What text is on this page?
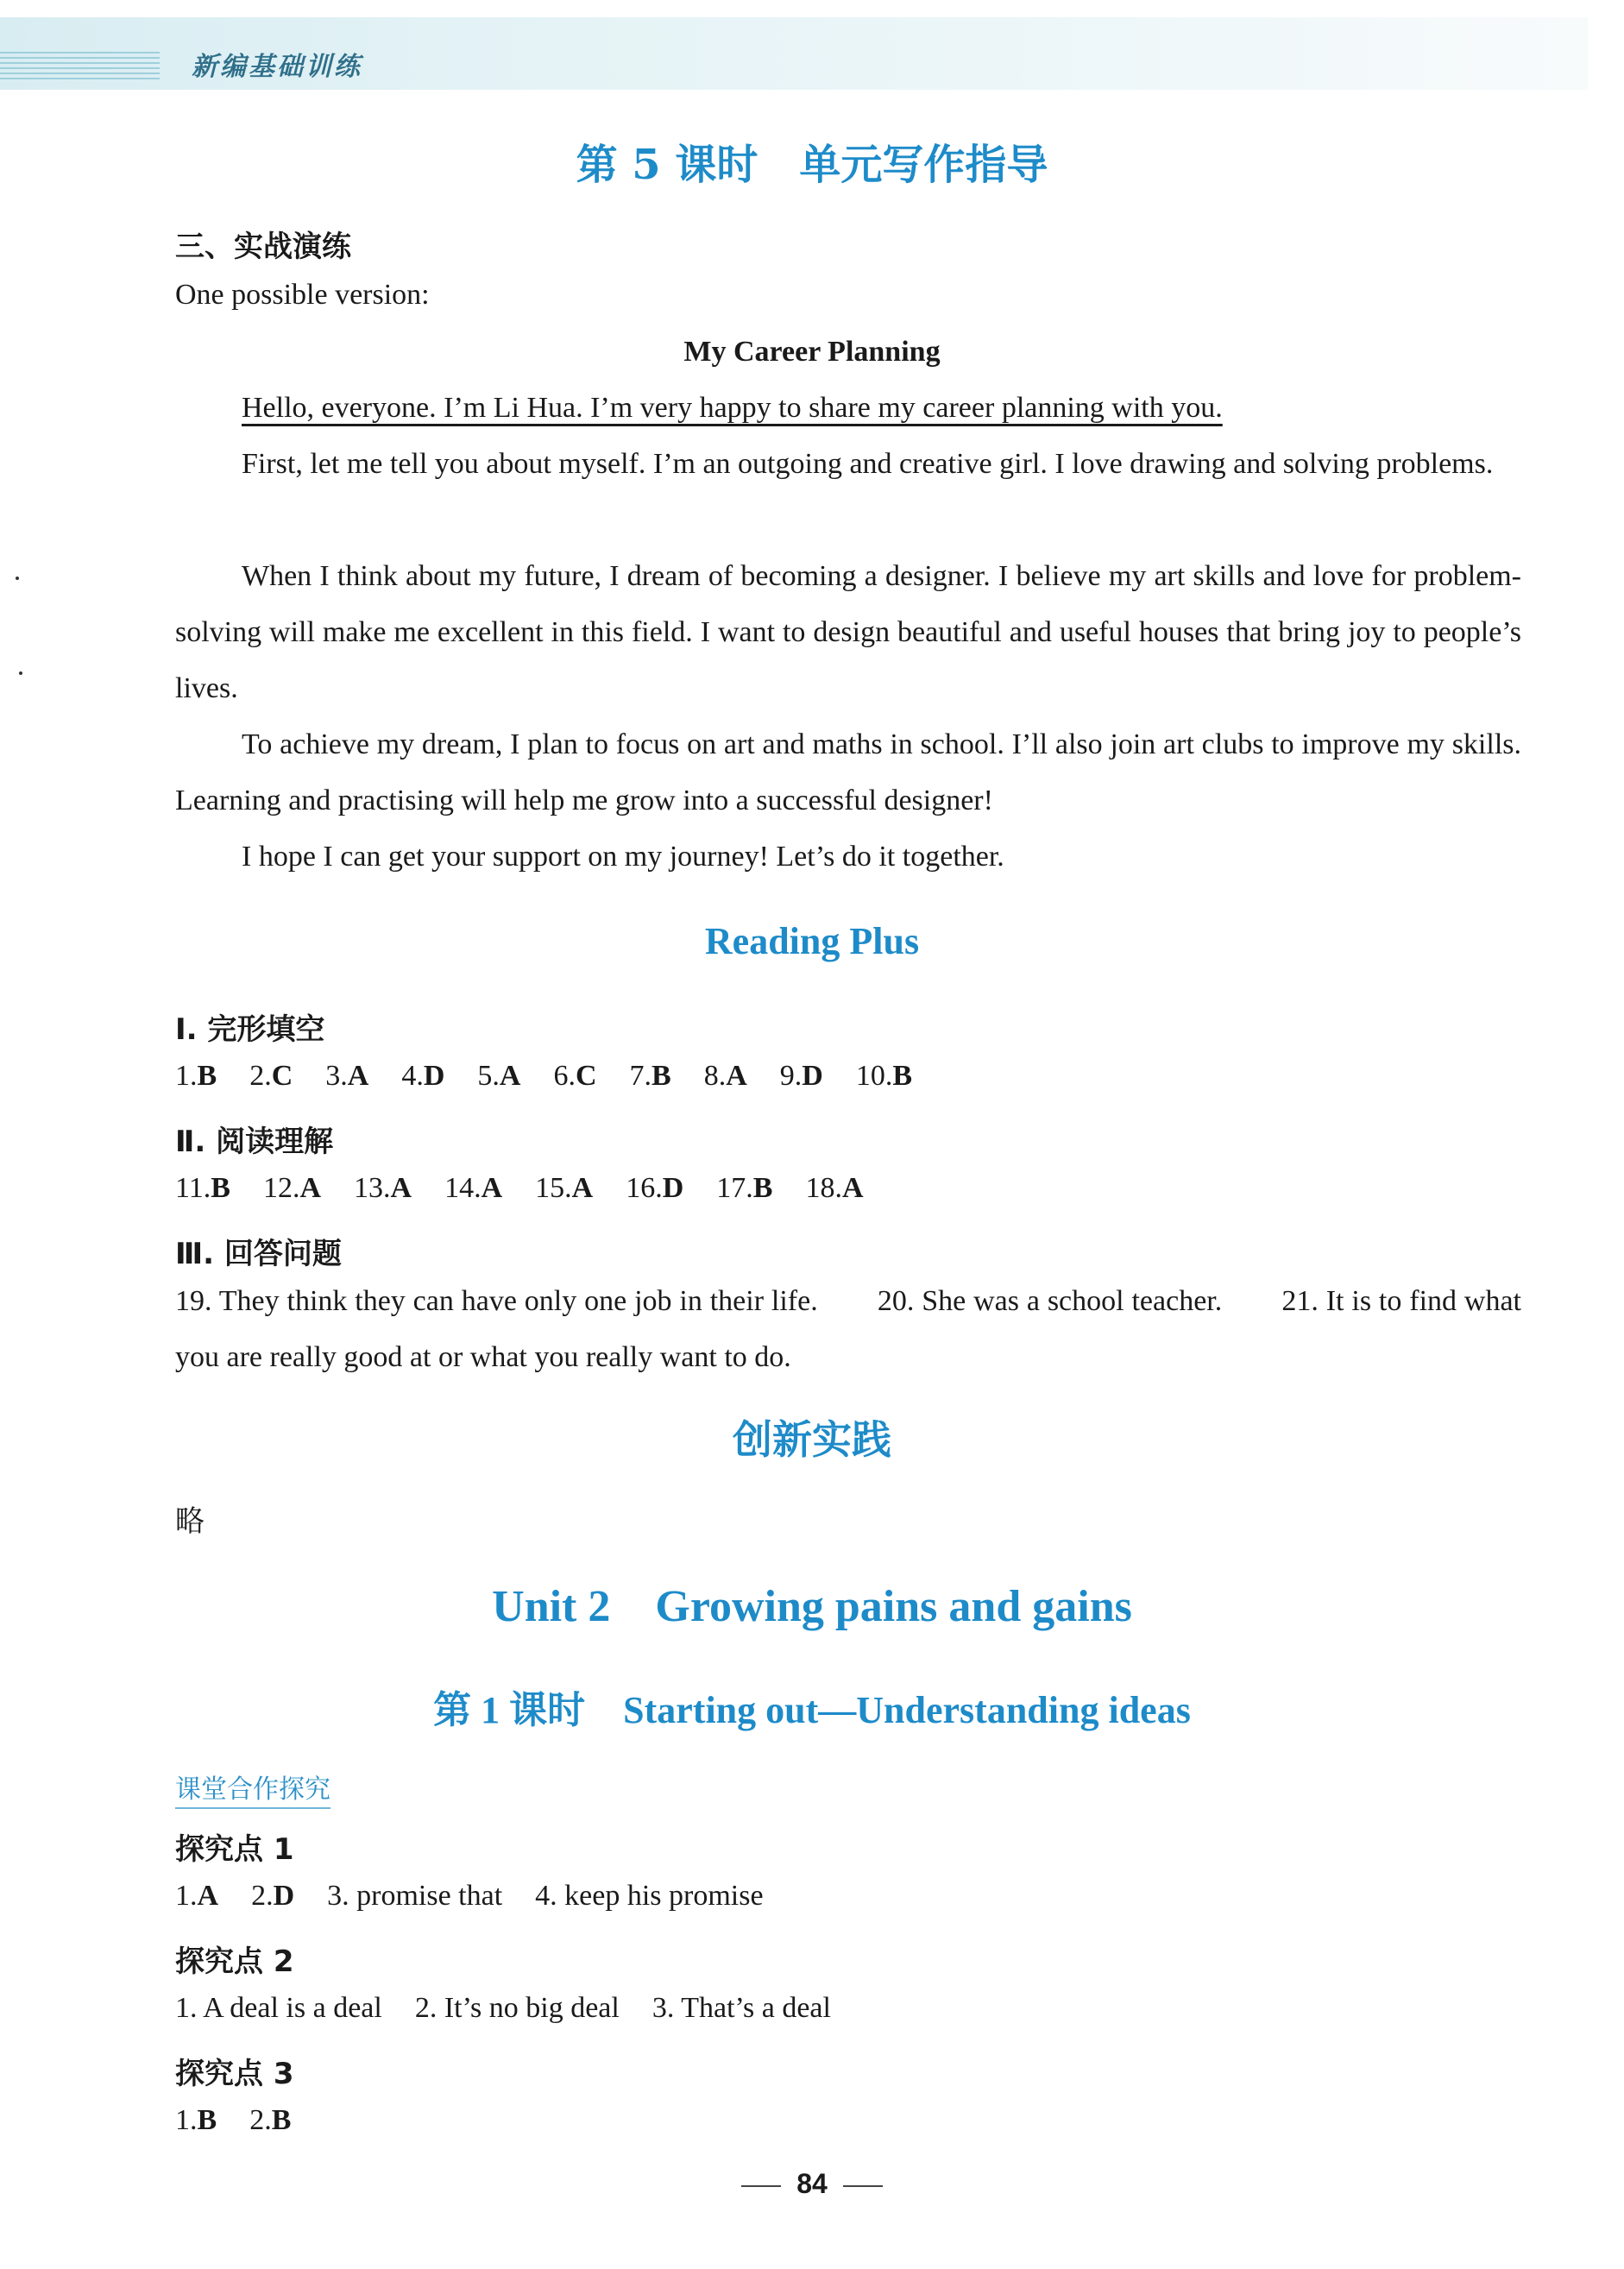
新编基础训练
第 5 课时　单元写作指导
三、实战演练
One possible version:
My Career Planning
Hello, everyone. I’m Li Hua. I’m very happy to share my career planning with you.
First, let me tell you about myself. I’m an outgoing and creative girl. I love drawing and solving problems.
When I think about my future, I dream of becoming a designer. I believe my art skills and love for problem-solving will make me excellent in this field. I want to design beautiful and useful houses that bring joy to people’s lives.
To achieve my dream, I plan to focus on art and maths in school. I’ll also join art clubs to improve my skills. Learning and practising will help me grow into a successful designer!
I hope I can get your support on my journey! Let’s do it together.
Reading Plus
Ⅰ. 完形填空
1.B 2.C 3.A 4.D 5.A 6.C 7.B 8.A 9.D 10.B
Ⅱ. 阅读理解
11.B 12.A 13.A 14.A 15.A 16.D 17.B 18.A
Ⅲ. 回答问题
19. They think they can have only one job in their life.　　20. She was a school teacher.　　21. It is to find what you are really good at or what you really want to do.
创新实践
略
Unit 2　Growing pains and gains
第 1 课时　Starting out—Understanding ideas
课堂合作探究
探究点 1
1.A 2.D 3. promise that 4. keep his promise
探究点 2
1. A deal is a deal 2. It’s no big deal 3. That’s a deal
探究点 3
1.B 2.B
84
